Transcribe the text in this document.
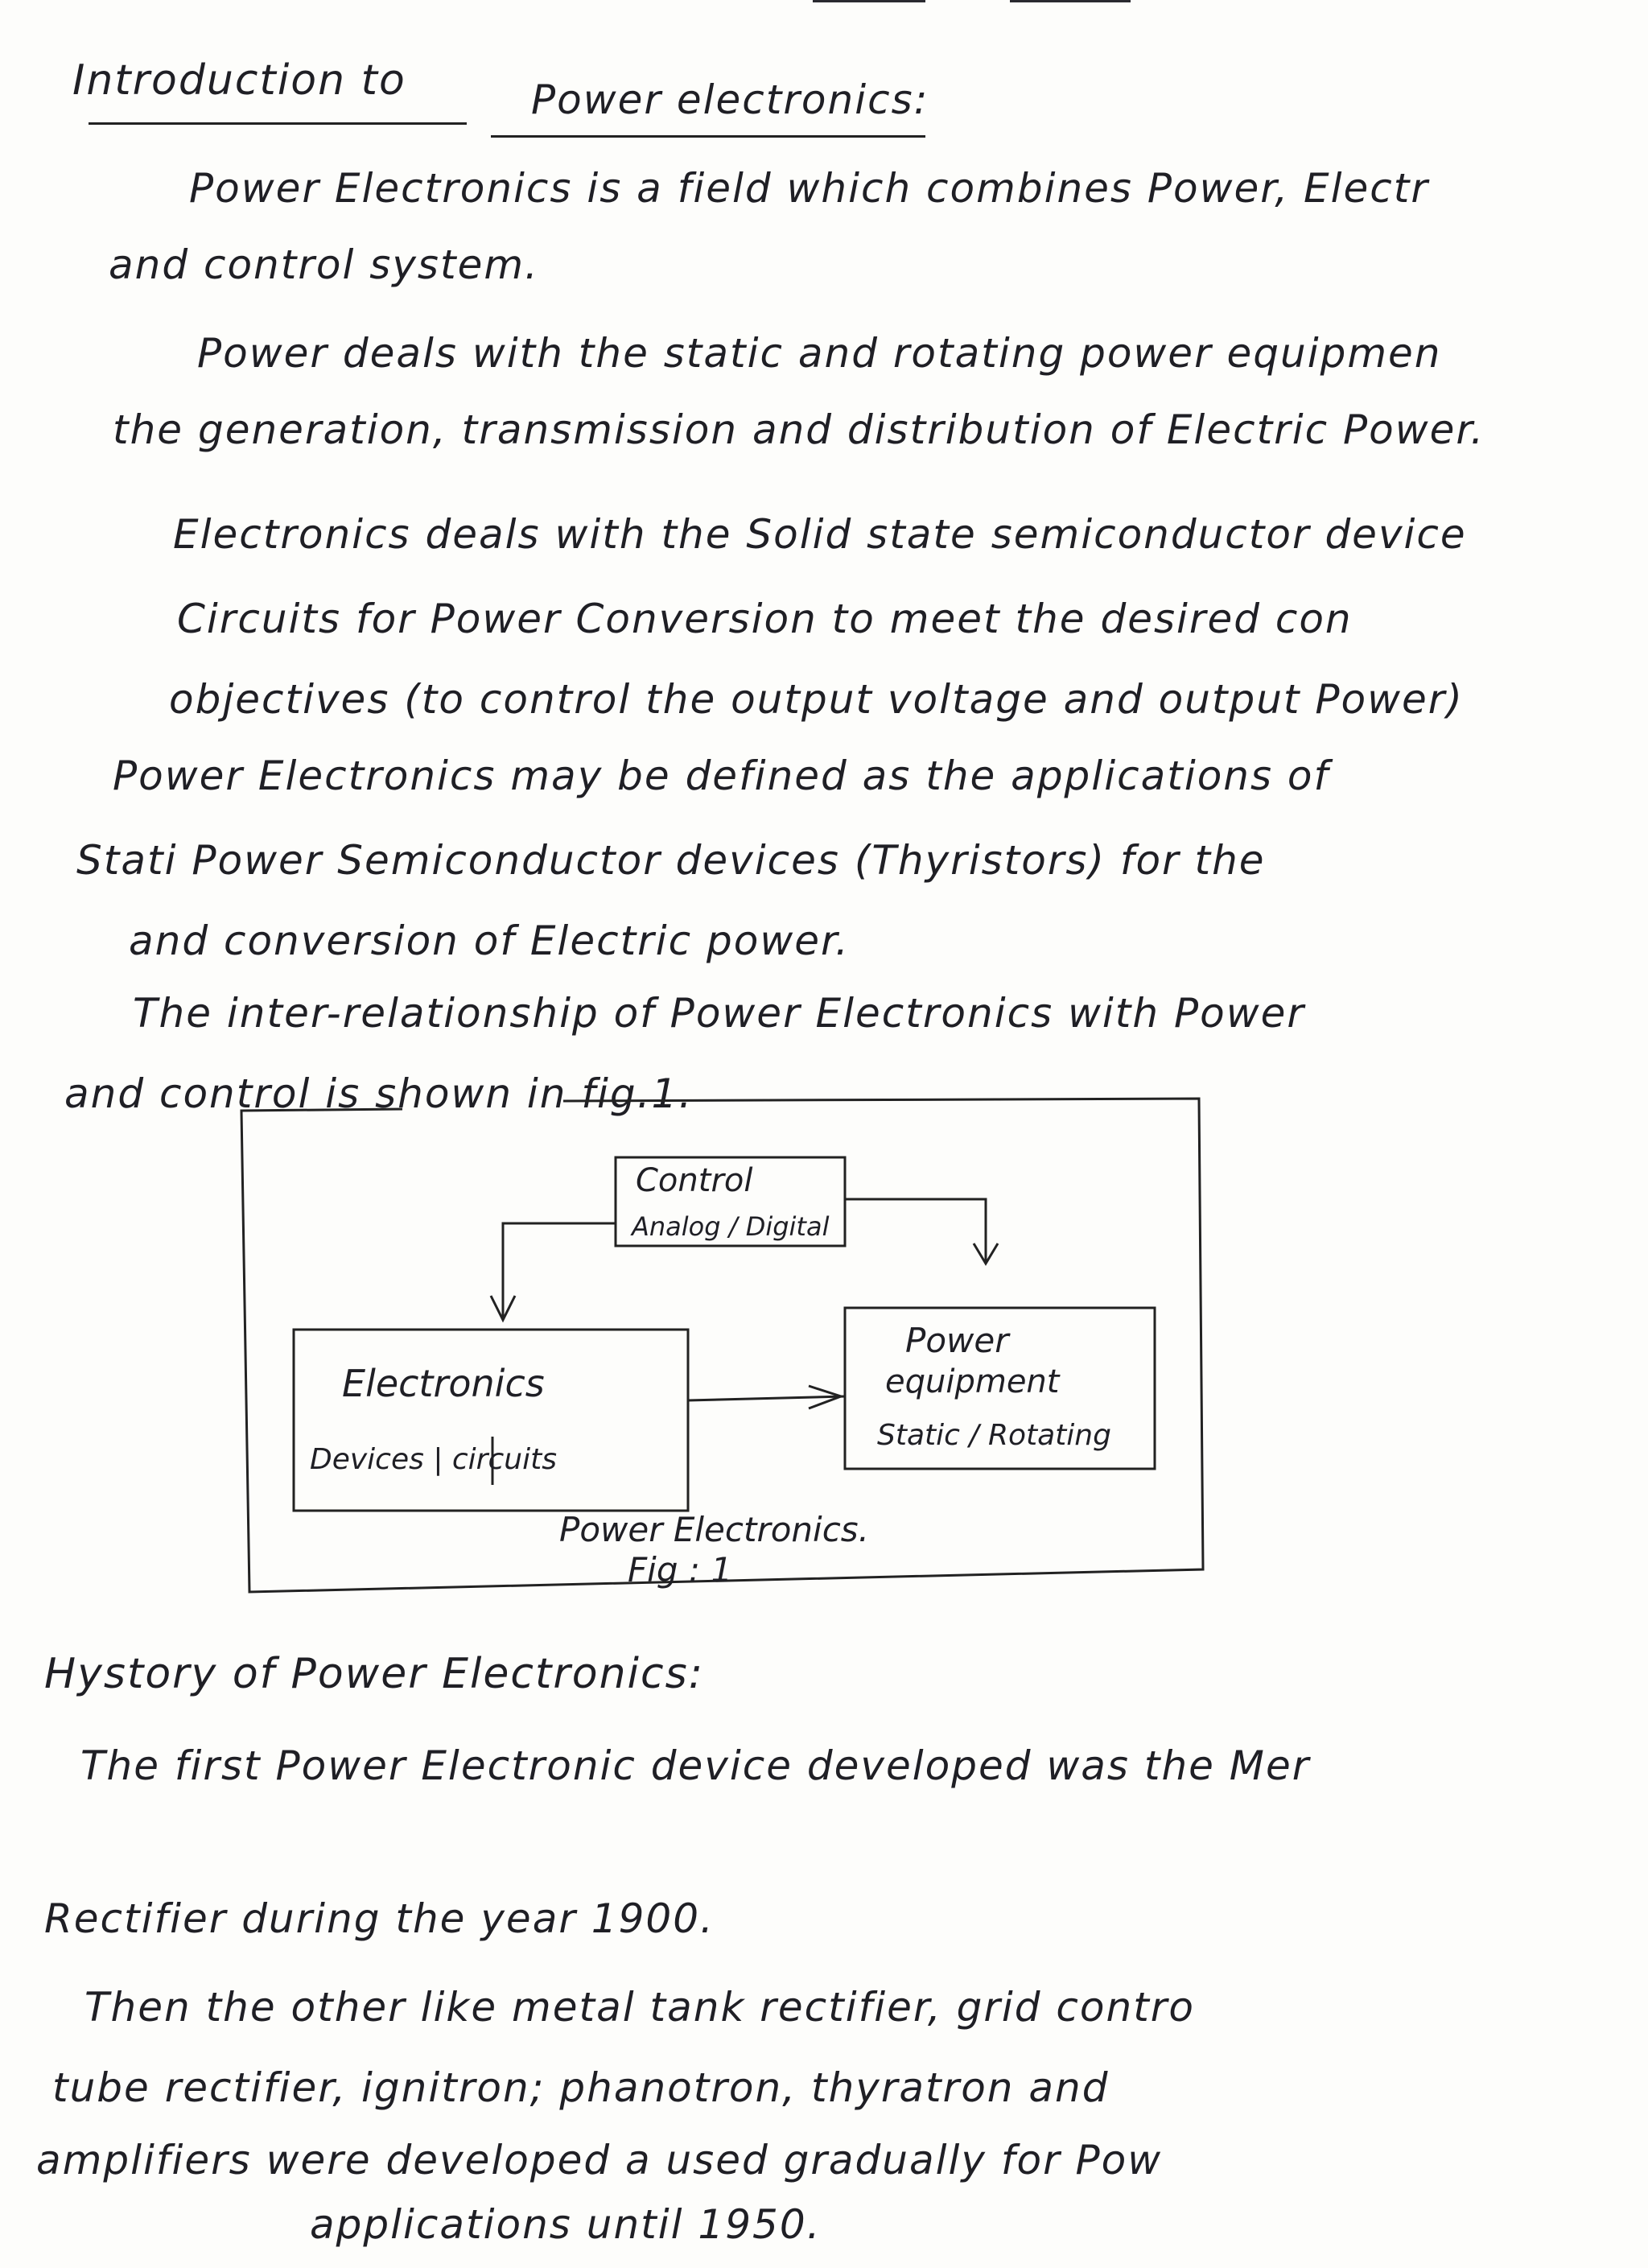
Introduction to	Power electronics:
Power Electronics is a field which combines Power, Electr
and control system.
Power deals with the static and rotating power equipmen
the generation, transmission and distribution of Electric Power.
Electronics deals with the Solid state semiconductor device
Circuits for Power Conversion to meet the desired con
objectives (to control the output voltage and output Power)
Power Electronics may be defined as the applications of
Stati Power Semiconductor devices (Thyristors) for the
and conversion of Electric power.
The inter-relationship of Power Electronics with Power
and control is shown in fig.1.
Control
Analog / Digital
Electronics
Devices | circuits
Power
equipment
Static / Rotating
Power Electronics.
Fig : 1
Hystory of Power Electronics:
The first Power Electronic device developed was the Mer
Rectifier during the year 1900.
Then the other like metal tank rectifier, grid contro
tube rectifier, ignitron; phanotron, thyratron and
amplifiers were developed a used gradually for Pow
applications until 1950.
